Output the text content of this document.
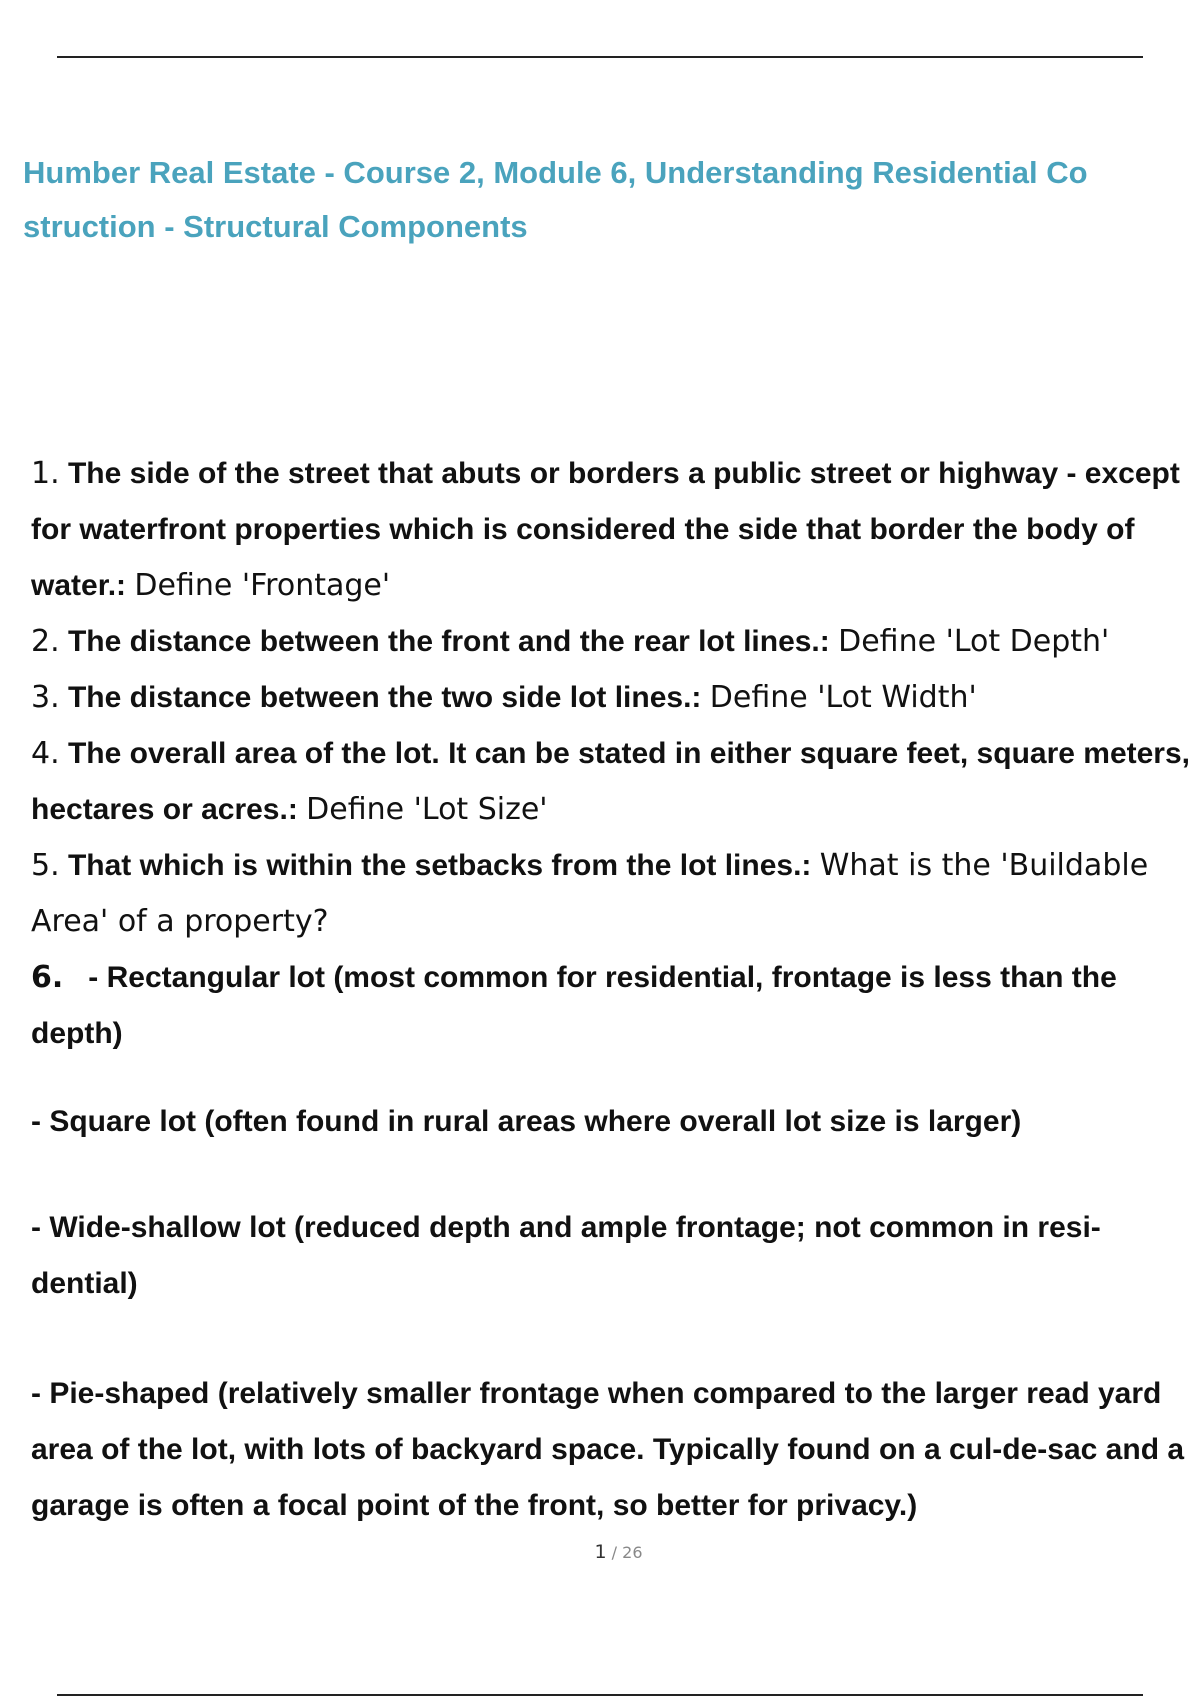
Humber Real Estate - Course 2, Module 6, Understanding Residential Co struction - Structural Components

1. The side of the street that abuts or borders a public street or highway - except for waterfront properties which is considered the side that border the body of water.: Define 'Frontage'

2. The distance between the front and the rear lot lines.: Define 'Lot Depth'

3. The distance between the two side lot lines.: Define 'Lot Width'

4. The overall area of the lot. It can be stated in either square feet, square meters, hectares or acres.: Define 'Lot Size'

5. That which is within the setbacks from the lot lines.: What is the 'Buildable Area' of a property?

6. - Rectangular lot (most common for residential, frontage is less than the depth)

- Square lot (often found in rural areas where overall lot size is larger)

- Wide-shallow lot (reduced depth and ample frontage; not common in resi- dential)

- Pie-shaped (relatively smaller frontage when compared to the larger read yard area of the lot, with lots of backyard space. Typically found on a cul-de-sac and a garage is often a focal point of the front, so better for privacy.)

1 / 26
